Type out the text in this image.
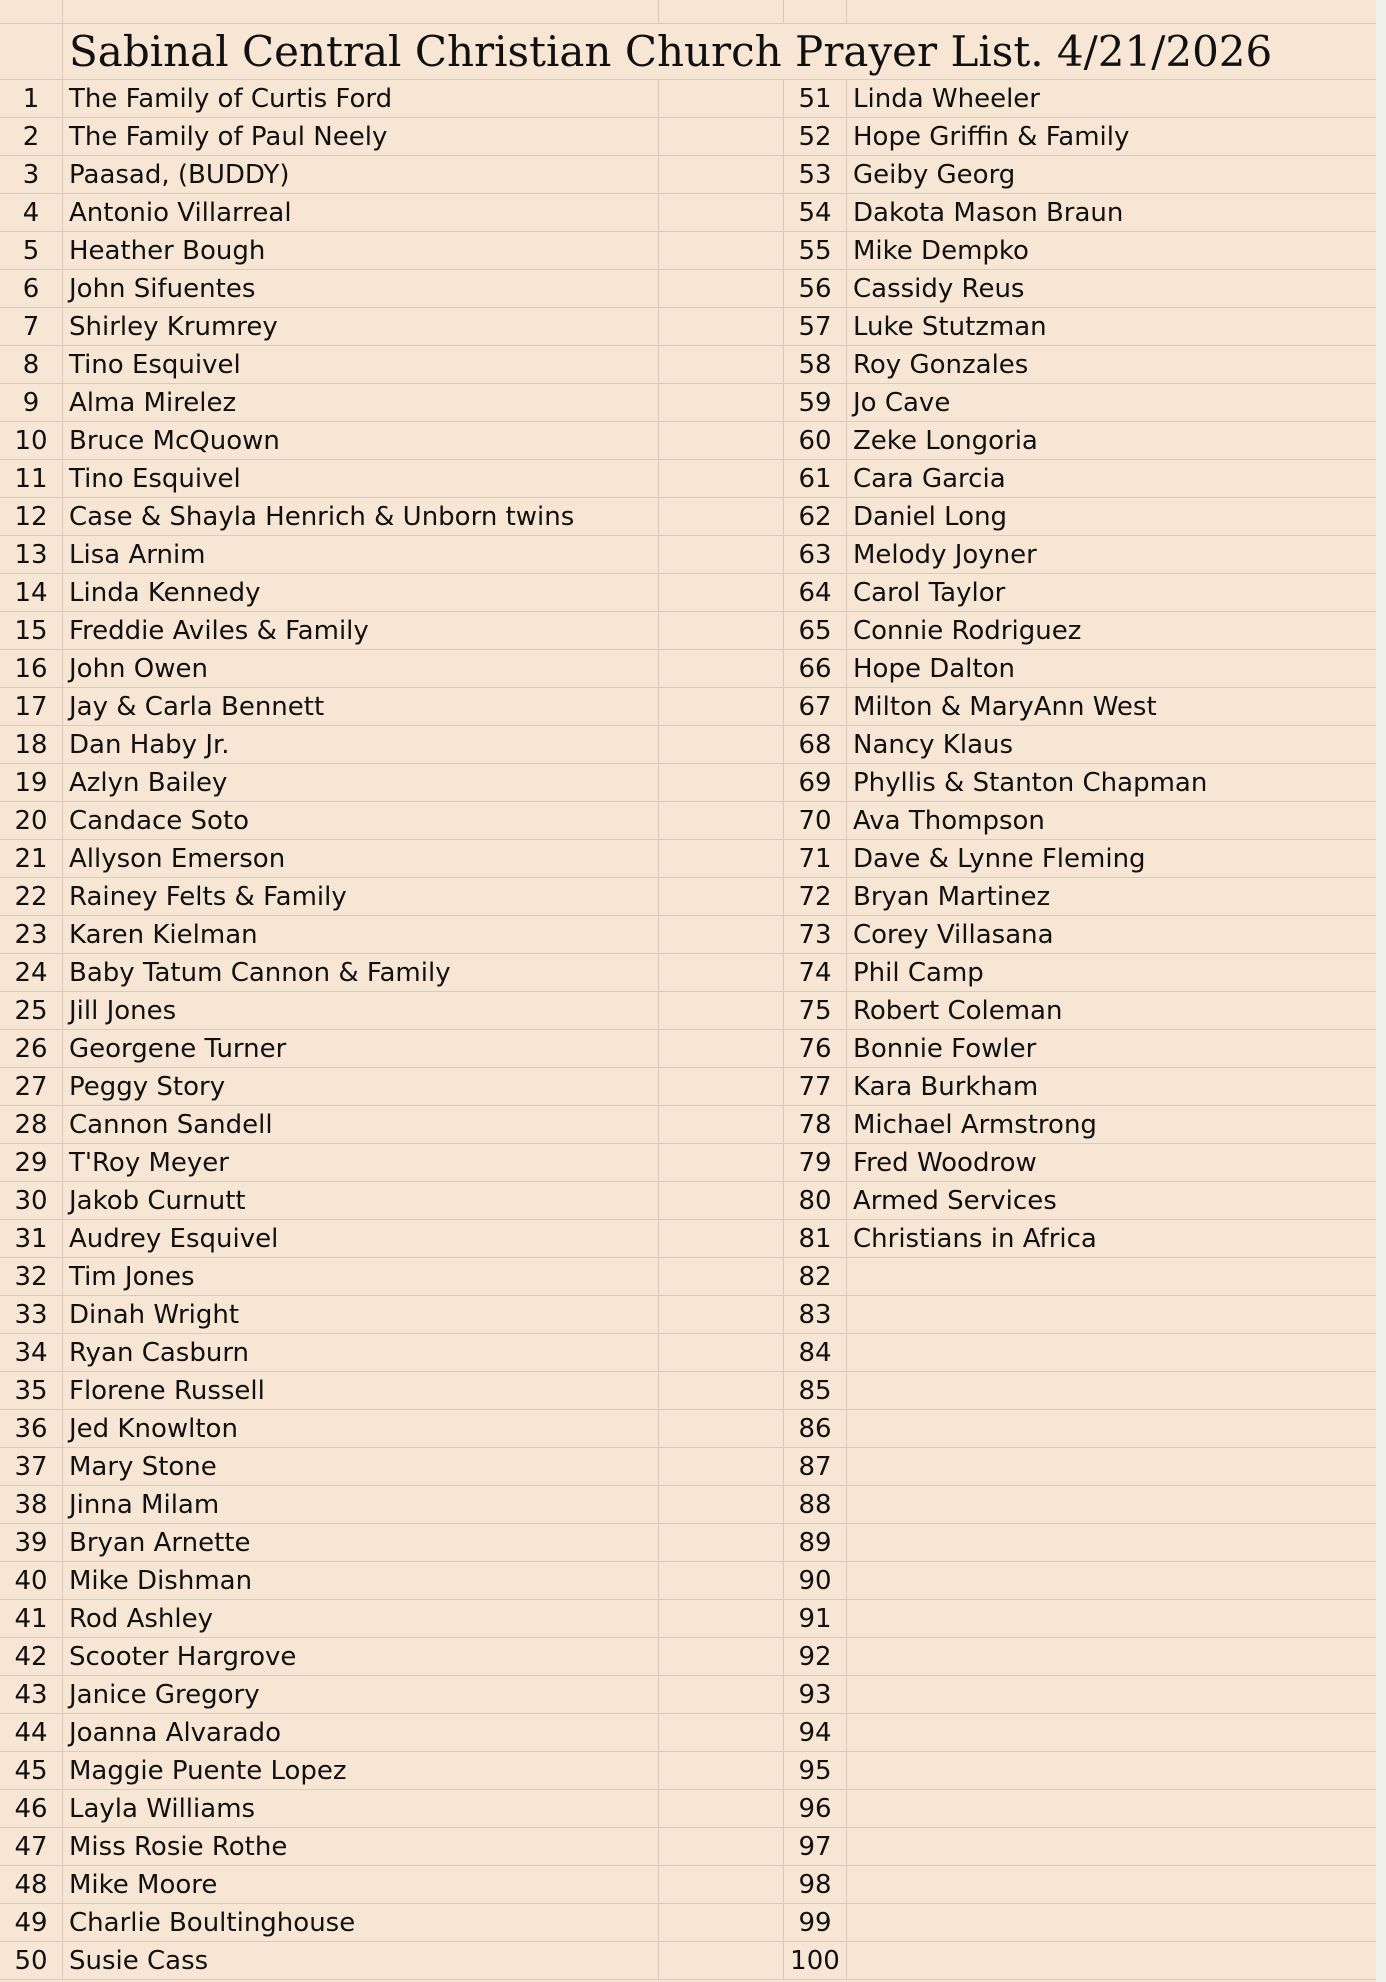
Sabinal Central Christian Church Prayer List. 4/21/2026
1	The Family of Curtis Ford	51 Linda Wheeler
2	The Family of Paul Neely	52 Hope Griffin & Family
3	Paasad, (BUDDY)	53 Geiby Georg
4	Antonio Villarreal	54 Dakota Mason Braun
5	Heather Bough	55 Mike Dempko
6	John Sifuentes	56 Cassidy Reus
7	Shirley Krumrey	57 Luke Stutzman
8	Tino Esquivel	58 Roy Gonzales
9	Alma Mirelez	59 Jo Cave
10 Bruce McQuown	60 Zeke Longoria
11 Tino Esquivel	61 Cara Garcia
12 Case & Shayla Henrich & Unborn twins	62 Daniel Long
13 Lisa Arnim	63 Melody Joyner
14 Linda Kennedy	64 Carol Taylor
15 Freddie Aviles & Family	65 Connie Rodriguez
16 John Owen	66 Hope Dalton
17 Jay & Carla Bennett	67 Milton & MaryAnn West
18 Dan Haby Jr.	68 Nancy Klaus
19 Azlyn Bailey	69 Phyllis & Stanton Chapman
20 Candace Soto	70 Ava Thompson
21 Allyson Emerson	71 Dave & Lynne Fleming
22 Rainey Felts & Family	72 Bryan Martinez
23 Karen Kielman	73 Corey Villasana
24 Baby Tatum Cannon & Family	74 Phil Camp
25 Jill Jones	75 Robert Coleman
26 Georgene Turner	76 Bonnie Fowler
27 Peggy Story	77 Kara Burkham
28 Cannon Sandell	78 Michael Armstrong
29 T'Roy Meyer	79 Fred Woodrow
30 Jakob Curnutt	80 Armed Services
31 Audrey Esquivel	81 Christians in Africa
32 Tim Jones	82
33 Dinah Wright	83
34 Ryan Casburn	84
35 Florene Russell	85
36 Jed Knowlton	86
37 Mary Stone	87
38 Jinna Milam	88
39 Bryan Arnette	89
40 Mike Dishman	90
41 Rod Ashley	91
42 Scooter Hargrove	92
43 Janice Gregory	93
44 Joanna Alvarado	94
45 Maggie Puente Lopez	95
46 Layla Williams	96
47 Miss Rosie Rothe	97
48 Mike Moore	98
49 Charlie Boultinghouse	99
50 Susie Cass	100
